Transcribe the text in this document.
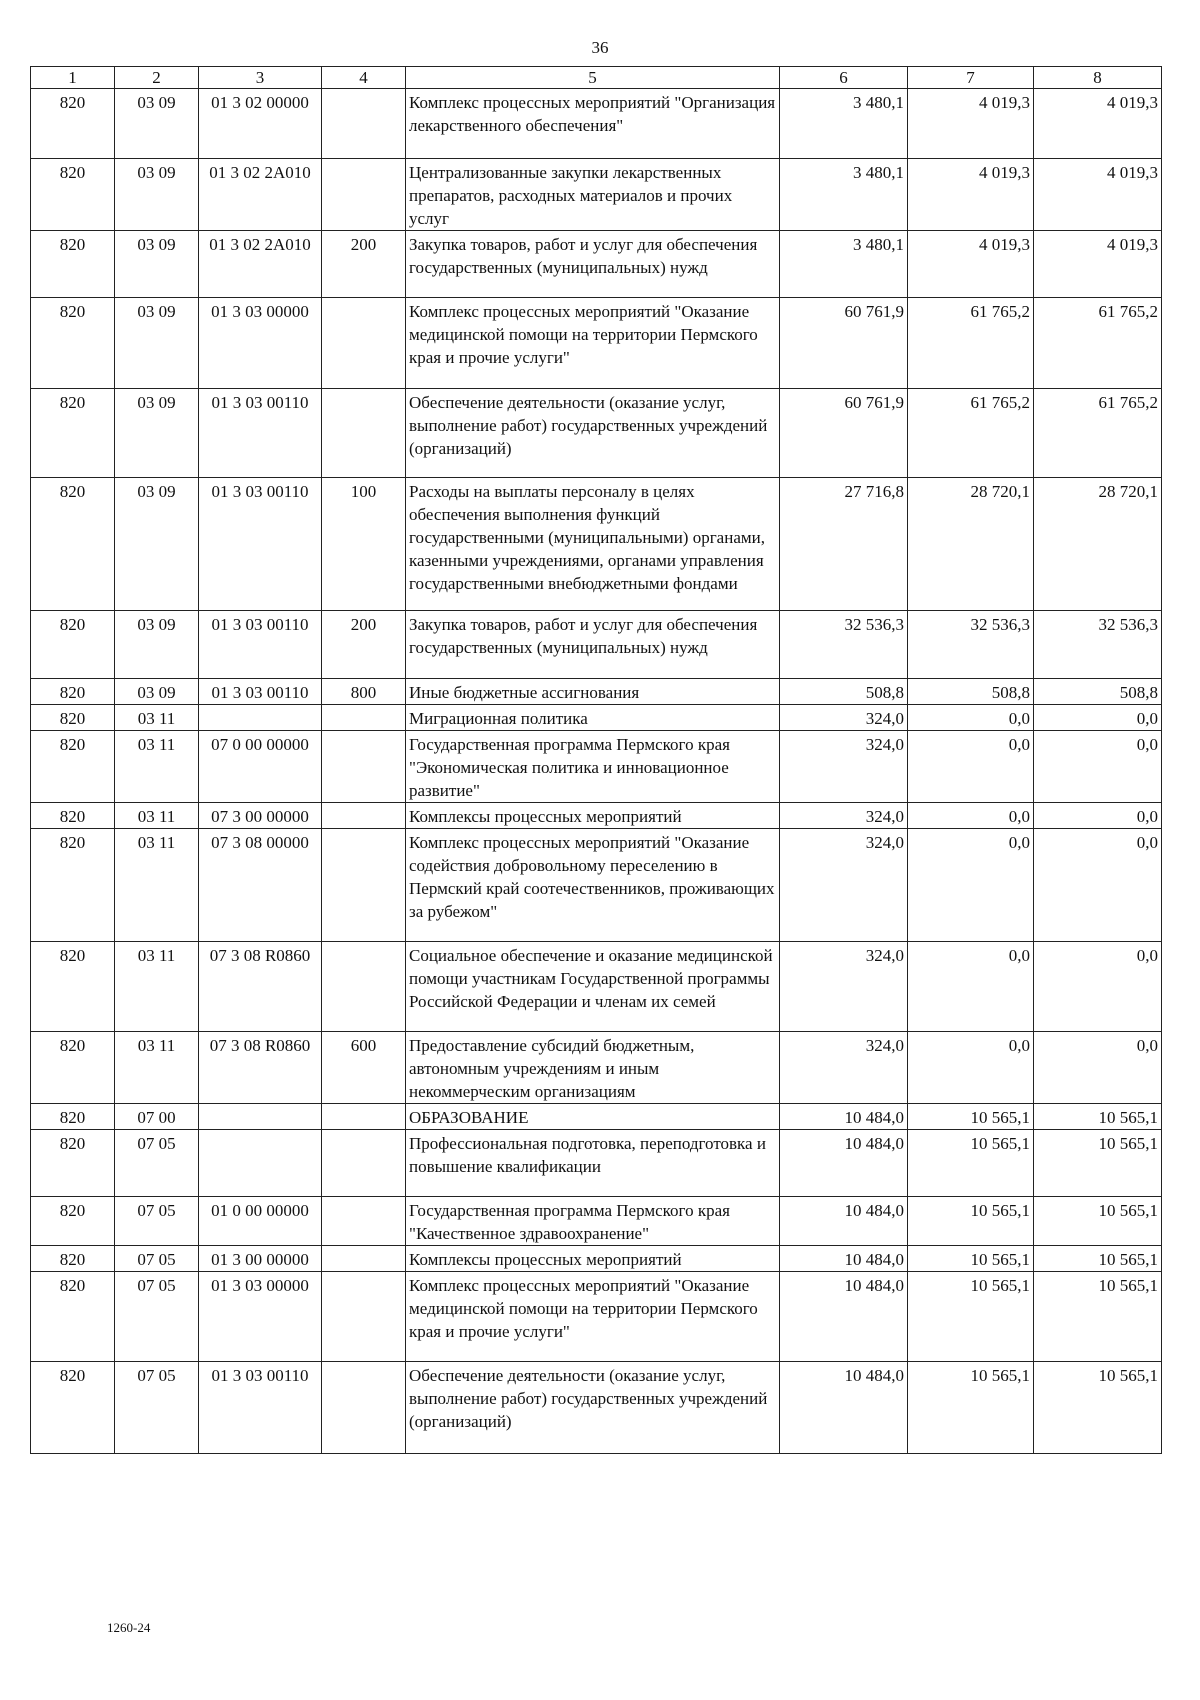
36
1	2	3	4	5	6	7	8
820	03 09	01 3 02 00000		Комплекс процессных мероприятий "Организация лекарственного обеспечения"	3 480,1	4 019,3	4 019,3
820	03 09	01 3 02 2A010		Централизованные закупки лекарственных препаратов, расходных материалов и прочих услуг	3 480,1	4 019,3	4 019,3
820	03 09	01 3 02 2A010	200	Закупка товаров, работ и услуг для обеспечения государственных (муниципальных) нужд	3 480,1	4 019,3	4 019,3
820	03 09	01 3 03 00000		Комплекс процессных мероприятий "Оказание медицинской помощи на территории Пермского края и прочие услуги"	60 761,9	61 765,2	61 765,2
820	03 09	01 3 03 00110		Обеспечение деятельности (оказание услуг, выполнение работ) государственных учреждений (организаций)	60 761,9	61 765,2	61 765,2
820	03 09	01 3 03 00110	100	Расходы на выплаты персоналу в целях обеспечения выполнения функций государственными (муниципальными) органами, казенными учреждениями, органами управления государственными внебюджетными фондами	27 716,8	28 720,1	28 720,1
820	03 09	01 3 03 00110	200	Закупка товаров, работ и услуг для обеспечения государственных (муниципальных) нужд	32 536,3	32 536,3	32 536,3
820	03 09	01 3 03 00110	800	Иные бюджетные ассигнования	508,8	508,8	508,8
820	03 11			Миграционная политика	324,0	0,0	0,0
820	03 11	07 0 00 00000		Государственная программа Пермского края "Экономическая политика и инновационное развитие"	324,0	0,0	0,0
820	03 11	07 3 00 00000		Комплексы процессных мероприятий	324,0	0,0	0,0
820	03 11	07 3 08 00000		Комплекс процессных мероприятий "Оказание содействия добровольному переселению в Пермский край соотечественников, проживающих за рубежом"	324,0	0,0	0,0
820	03 11	07 3 08 R0860		Социальное обеспечение и оказание медицинской помощи участникам Государственной программы Российской Федерации и членам их семей	324,0	0,0	0,0
820	03 11	07 3 08 R0860	600	Предоставление субсидий бюджетным, автономным учреждениям и иным некоммерческим организациям	324,0	0,0	0,0
820	07 00			ОБРАЗОВАНИЕ	10 484,0	10 565,1	10 565,1
820	07 05			Профессиональная подготовка, переподготовка и повышение квалификации	10 484,0	10 565,1	10 565,1
820	07 05	01 0 00 00000		Государственная программа Пермского края "Качественное здравоохранение"	10 484,0	10 565,1	10 565,1
820	07 05	01 3 00 00000		Комплексы процессных мероприятий	10 484,0	10 565,1	10 565,1
820	07 05	01 3 03 00000		Комплекс процессных мероприятий "Оказание медицинской помощи на территории Пермского края и прочие услуги"	10 484,0	10 565,1	10 565,1
820	07 05	01 3 03 00110		Обеспечение деятельности (оказание услуг, выполнение работ) государственных учреждений (организаций)	10 484,0	10 565,1	10 565,1
1260-24
